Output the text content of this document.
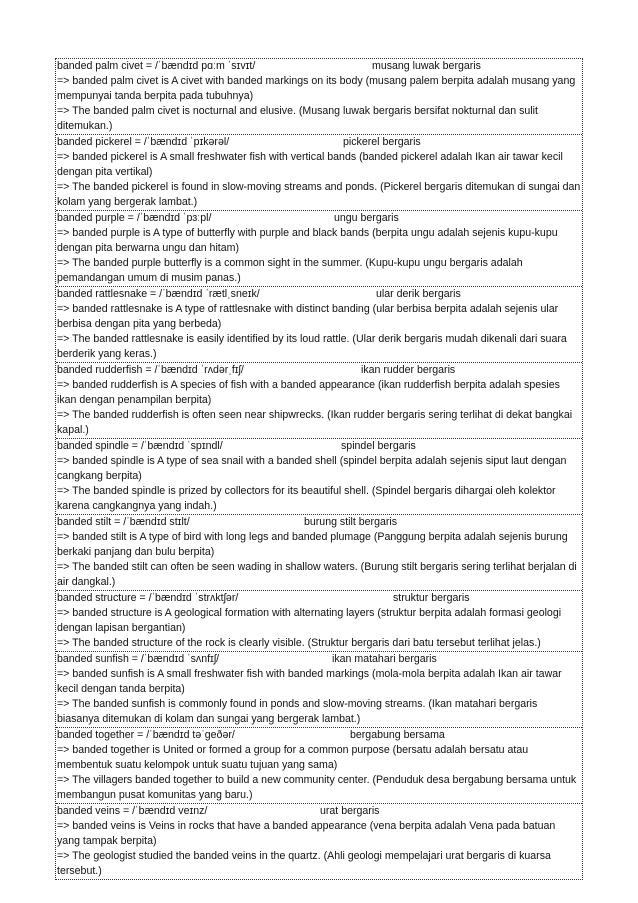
banded palm civet = /ˈbændɪd pɑːm ˈsɪvɪt/	musang luwak bergaris
=> banded palm civet is A civet with banded markings on its body (musang palem berpita adalah musang yang mempunyai tanda berpita pada tubuhnya)
=> The banded palm civet is nocturnal and elusive. (Musang luwak bergaris bersifat nokturnal dan sulit ditemukan.)
banded pickerel = /ˈbændɪd ˈpɪkərəl/	pickerel bergaris
=> banded pickerel is A small freshwater fish with vertical bands (banded pickerel adalah Ikan air tawar kecil dengan pita vertikal)
=> The banded pickerel is found in slow-moving streams and ponds. (Pickerel bergaris ditemukan di sungai dan kolam yang bergerak lambat.)
banded purple = /ˈbændɪd ˈpɜːpl/	ungu bergaris
=> banded purple is A type of butterfly with purple and black bands (berpita ungu adalah sejenis kupu-kupu dengan pita berwarna ungu dan hitam)
=> The banded purple butterfly is a common sight in the summer. (Kupu-kupu ungu bergaris adalah pemandangan umum di musim panas.)
banded rattlesnake = /ˈbændɪd ˈrætlˌsneɪk/	ular derik bergaris
=> banded rattlesnake is A type of rattlesnake with distinct banding (ular berbisa berpita adalah sejenis ular berbisa dengan pita yang berbeda)
=> The banded rattlesnake is easily identified by its loud rattle. (Ular derik bergaris mudah dikenali dari suara berderik yang keras.)
banded rudderfish = /ˈbændɪd ˈrʌdərˌfɪʃ/	ikan rudder bergaris
=> banded rudderfish is A species of fish with a banded appearance (ikan rudderfish berpita adalah spesies ikan dengan penampilan berpita)
=> The banded rudderfish is often seen near shipwrecks. (Ikan rudder bergaris sering terlihat di dekat bangkai kapal.)
banded spindle = /ˈbændɪd ˈspɪndl/	spindel bergaris
=> banded spindle is A type of sea snail with a banded shell (spindel berpita adalah sejenis siput laut dengan cangkang berpita)
=> The banded spindle is prized by collectors for its beautiful shell. (Spindel bergaris dihargai oleh kolektor karena cangkangnya yang indah.)
banded stilt = /ˈbændɪd stɪlt/	burung stilt bergaris
=> banded stilt is A type of bird with long legs and banded plumage (Panggung berpita adalah sejenis burung berkaki panjang dan bulu berpita)
=> The banded stilt can often be seen wading in shallow waters. (Burung stilt bergaris sering terlihat berjalan di air dangkal.)
banded structure = /ˈbændɪd ˈstrʌktʃər/	struktur bergaris
=> banded structure is A geological formation with alternating layers (struktur berpita adalah formasi geologi dengan lapisan bergantian)
=> The banded structure of the rock is clearly visible. (Struktur bergaris dari batu tersebut terlihat jelas.)
banded sunfish = /ˈbændɪd ˈsʌnfɪʃ/	ikan matahari bergaris
=> banded sunfish is A small freshwater fish with banded markings (mola-mola berpita adalah Ikan air tawar kecil dengan tanda berpita)
=> The banded sunfish is commonly found in ponds and slow-moving streams. (Ikan matahari bergaris biasanya ditemukan di kolam dan sungai yang bergerak lambat.)
banded together = /ˈbændɪd təˈɡeðər/	bergabung bersama
=> banded together is United or formed a group for a common purpose (bersatu adalah bersatu atau membentuk suatu kelompok untuk suatu tujuan yang sama)
=> The villagers banded together to build a new community center. (Penduduk desa bergabung bersama untuk membangun pusat komunitas yang baru.)
banded veins = /ˈbændɪd veɪnz/	urat bergaris
=> banded veins is Veins in rocks that have a banded appearance (vena berpita adalah Vena pada batuan yang tampak berpita)
=> The geologist studied the banded veins in the quartz. (Ahli geologi mempelajari urat bergaris di kuarsa tersebut.)
